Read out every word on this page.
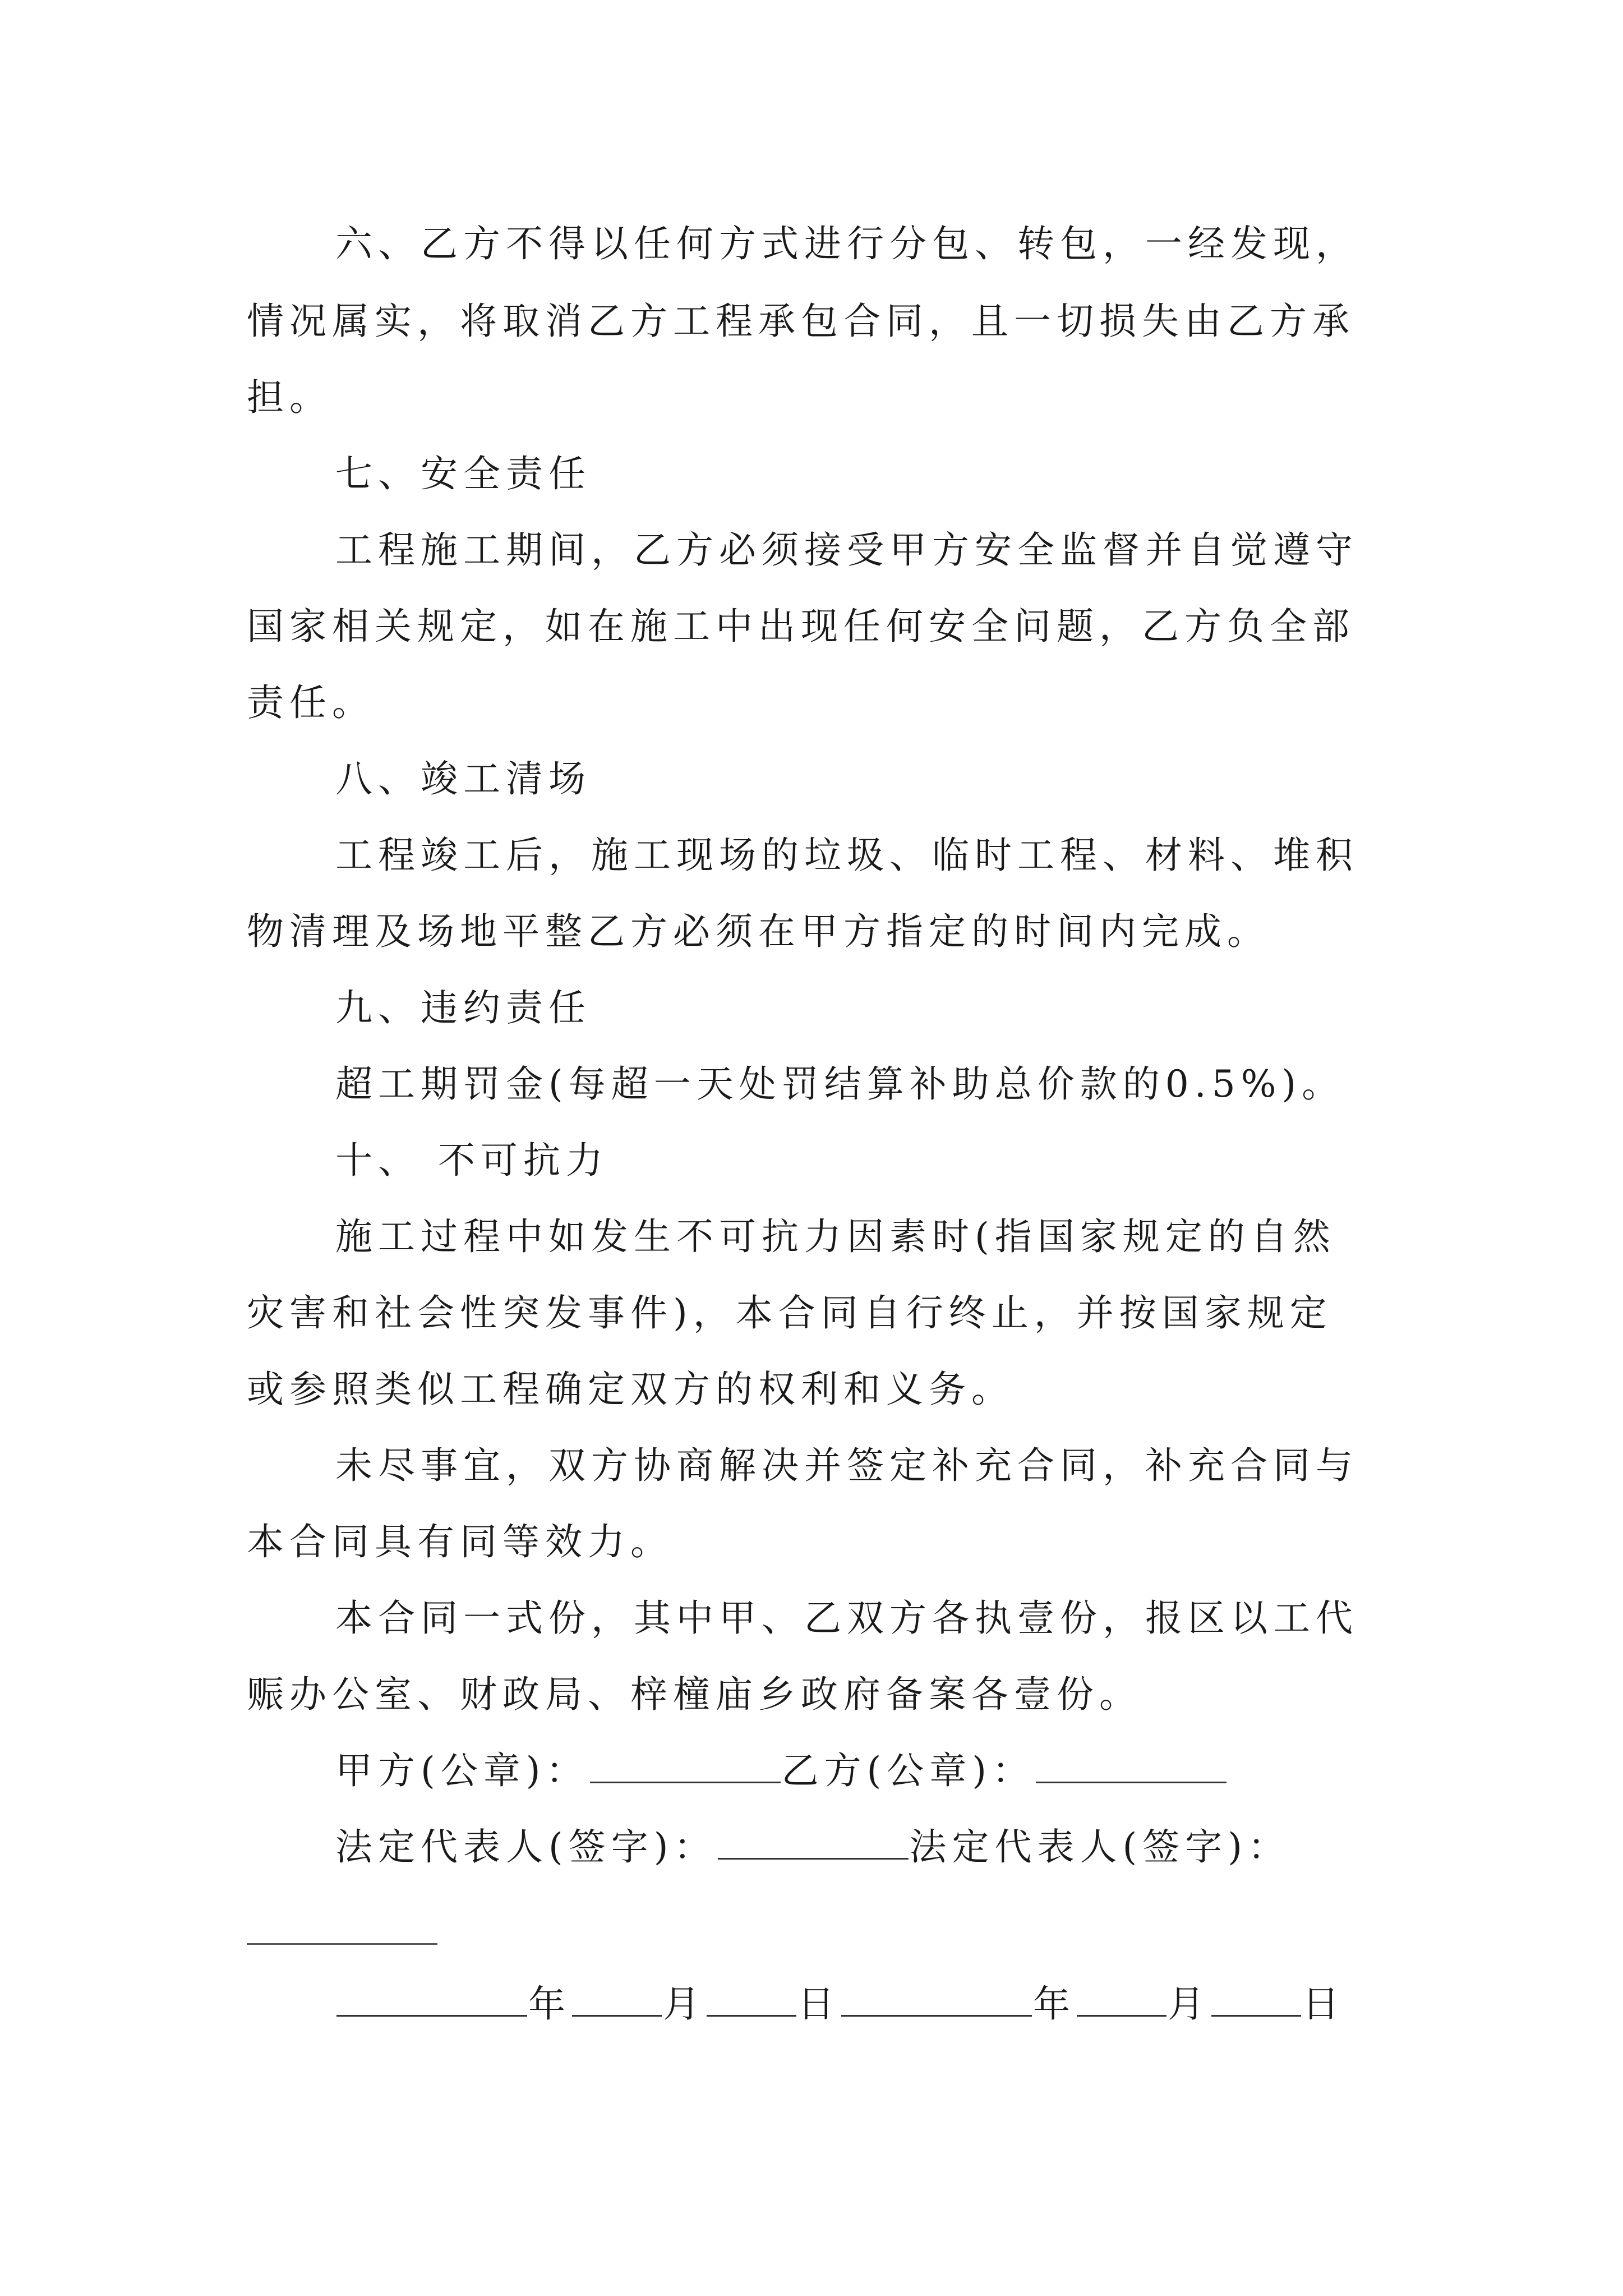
六、乙方不得以任何方式进行分包、转包，一经发现，
情况属实，将取消乙方工程承包合同，且一切损失由乙方承
担。
七、安全责任
工程施工期间，乙方必须接受甲方安全监督并自觉遵守
国家相关规定，如在施工中出现任何安全问题，乙方负全部
责任。
八、竣工清场
工程竣工后，施工现场的垃圾、临时工程、材料、堆积
物清理及场地平整乙方必须在甲方指定的时间内完成。
九、违约责任
超工期罚金(每超一天处罚结算补助总价款的0.5%)。
十、 不可抗力
施工过程中如发生不可抗力因素时(指国家规定的自然
灾害和社会性突发事件)，本合同自行终止，并按国家规定
或参照类似工程确定双方的权利和义务。
未尽事宜，双方协商解决并签定补充合同，补充合同与
本合同具有同等效力。
本合同一式份，其中甲、乙双方各执壹份，报区以工代
赈办公室、财政局、梓橦庙乡政府备案各壹份。
甲方(公章)：	乙方(公章)：
法定代表人(签字)：	法定代表人(签字)：
年 月 日	年 月 日
